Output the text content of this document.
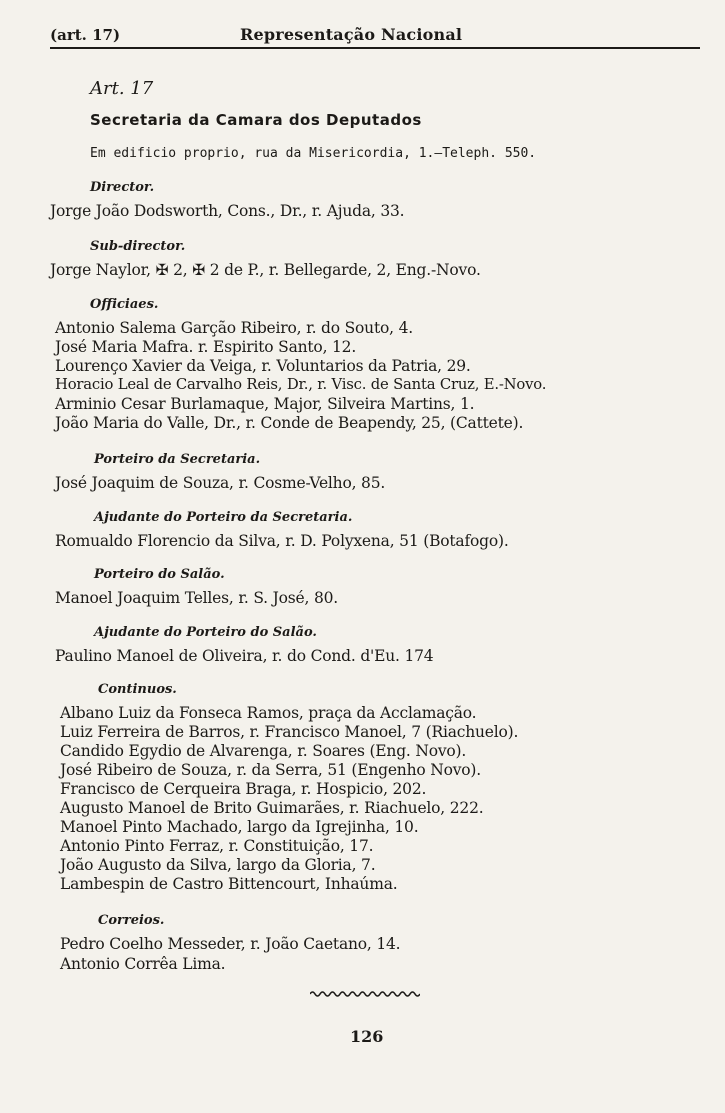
(art. 17)	Representação Nacional
Art. 17
Secretaria da Camara dos Deputados
Em edificio proprio, rua da Misericordia, 1.—Teleph. 550.
Director.
Jorge João Dodsworth, Cons., Dr., r. Ajuda, 33.
Sub-director.
Jorge Naylor, ✠ 2, ✠ 2 de P., r. Bellegarde, 2, Eng.-Novo.
Officiaes.
Antonio Salema Garção Ribeiro, r. do Souto, 4.
José Maria Mafra. r. Espirito Santo, 12.
Lourenço Xavier da Veiga, r. Voluntarios da Patria, 29.
Horacio Leal de Carvalho Reis, Dr., r. Visc. de Santa Cruz, E.-Novo.
Arminio Cesar Burlamaque, Major, Silveira Martins, 1.
João Maria do Valle, Dr., r. Conde de Beapendy, 25, (Cattete).
Porteiro da Secretaria.
José Joaquim de Souza, r. Cosme-Velho, 85.
Ajudante do Porteiro da Secretaria.
Romualdo Florencio da Silva, r. D. Polyxena, 51 (Botafogo).
Porteiro do Salão.
Manoel Joaquim Telles, r. S. José, 80.
Ajudante do Porteiro do Salão.
Paulino Manoel de Oliveira, r. do Cond. d'Eu. 174
Continuos.
Albano Luiz da Fonseca Ramos, praça da Acclamação.
Luiz Ferreira de Barros, r. Francisco Manoel, 7 (Riachuelo).
Candido Egydio de Alvarenga, r. Soares (Eng. Novo).
José Ribeiro de Souza, r. da Serra, 51 (Engenho Novo).
Francisco de Cerqueira Braga, r. Hospicio, 202.
Augusto Manoel de Brito Guimarães, r. Riachuelo, 222.
Manoel Pinto Machado, largo da Igrejinha, 10.
Antonio Pinto Ferraz, r. Constituição, 17.
João Augusto da Silva, largo da Gloria, 7.
Lambespin de Castro Bittencourt, Inhaúma.
Correios.
Pedro Coelho Messeder, r. João Caetano, 14.
Antonio Corrêa Lima.
126
